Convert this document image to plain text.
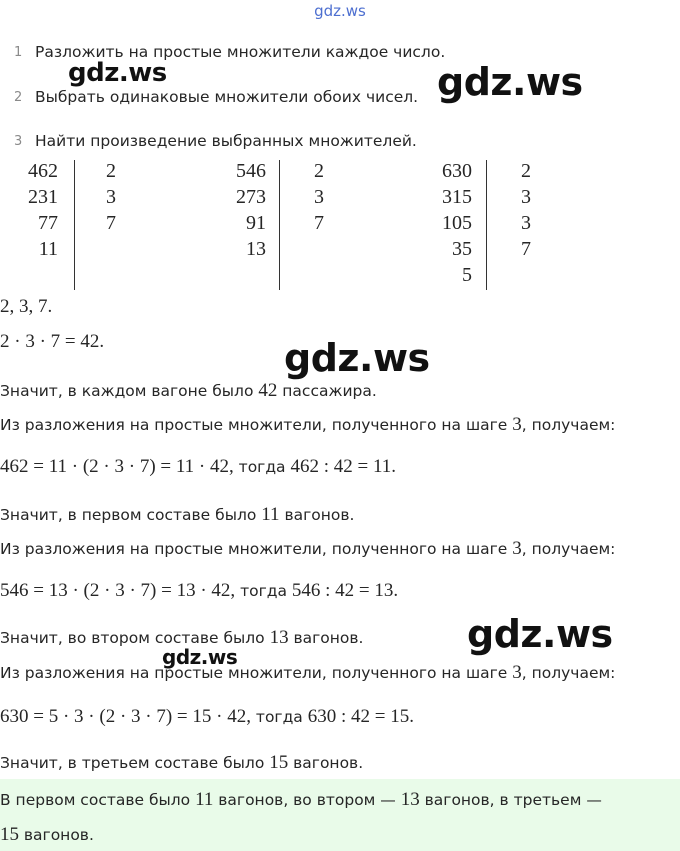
gdz.ws
1 Разложить на простые множители каждое число.
2 Выбрать одинаковые множители обоих чисел.
3 Найти произведение выбранных множителей.
462
231
77
11
2
3
7
546
273
91
13
2
3
7
630
315
105
35
5
2
3
3
7
2, 3, 7.
2 · 3 · 7 = 42.
Значит, в каждом вагоне было 42 пассажира.
Из разложения на простые множители, полученного на шаге 3, получаем:
462 = 11 · (2 · 3 · 7) = 11 · 42, тогда 462 : 42 = 11.
Значит, в первом составе было 11 вагонов.
Из разложения на простые множители, полученного на шаге 3, получаем:
546 = 13 · (2 · 3 · 7) = 13 · 42, тогда 546 : 42 = 13.
Значит, во втором составе было 13 вагонов.
Из разложения на простые множители, полученного на шаге 3, получаем:
630 = 5 · 3 · (2 · 3 · 7) = 15 · 42, тогда 630 : 42 = 15.
Значит, в третьем составе было 15 вагонов.
В первом составе было 11 вагонов, во втором — 13 вагонов, в третьем —
15 вагонов.
gdz.ws	gdz.ws
gdz.ws
gdz.ws
gdz.ws
